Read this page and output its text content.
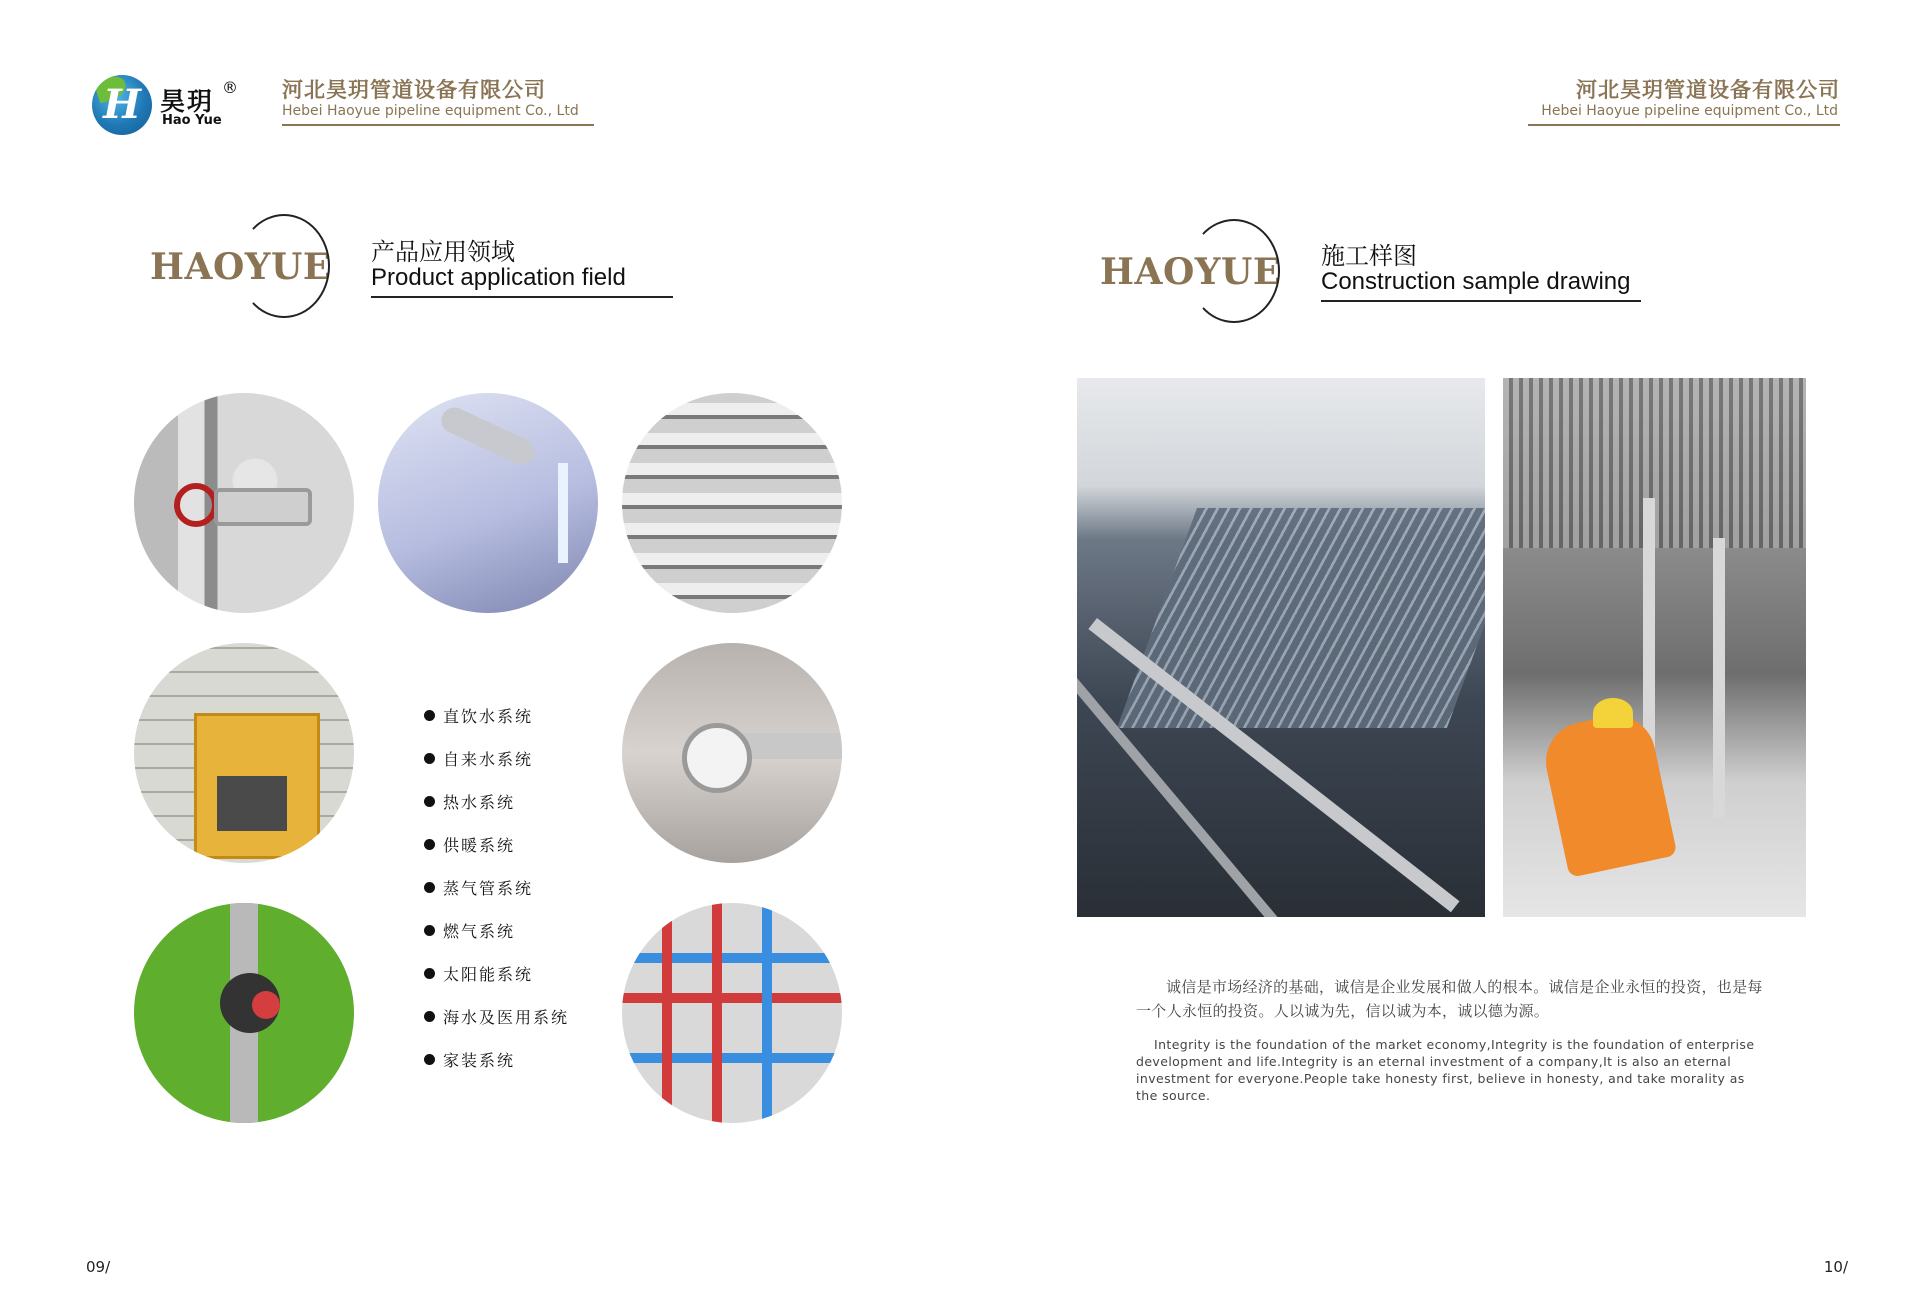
H 昊玥 ®
Hao Yue
河北昊玥管道设备有限公司
Hebei Haoyue pipeline equipment Co., Ltd
HAOYUE 产品应用领域
Product application field
直饮水系统
自来水系统
热水系统
供暖系统
蒸气管系统
燃气系统
太阳能系统
海水及医用系统
家装系统
09/
河北昊玥管道设备有限公司
Hebei Haoyue pipeline equipment Co., Ltd
HAOYUE 施工样图
Construction sample drawing
诚信是市场经济的基础，诚信是企业发展和做人的根本。诚信是企业永恒的投资，也是每一个人永恒的投资。人以诚为先，信以诚为本，诚以德为源。
Integrity is the foundation of the market economy,Integrity is the foundation of enterprise development and life.Integrity is an eternal investment of a company,It is also an eternal investment for everyone.People take honesty first, believe in honesty, and take morality as the source.
10/
